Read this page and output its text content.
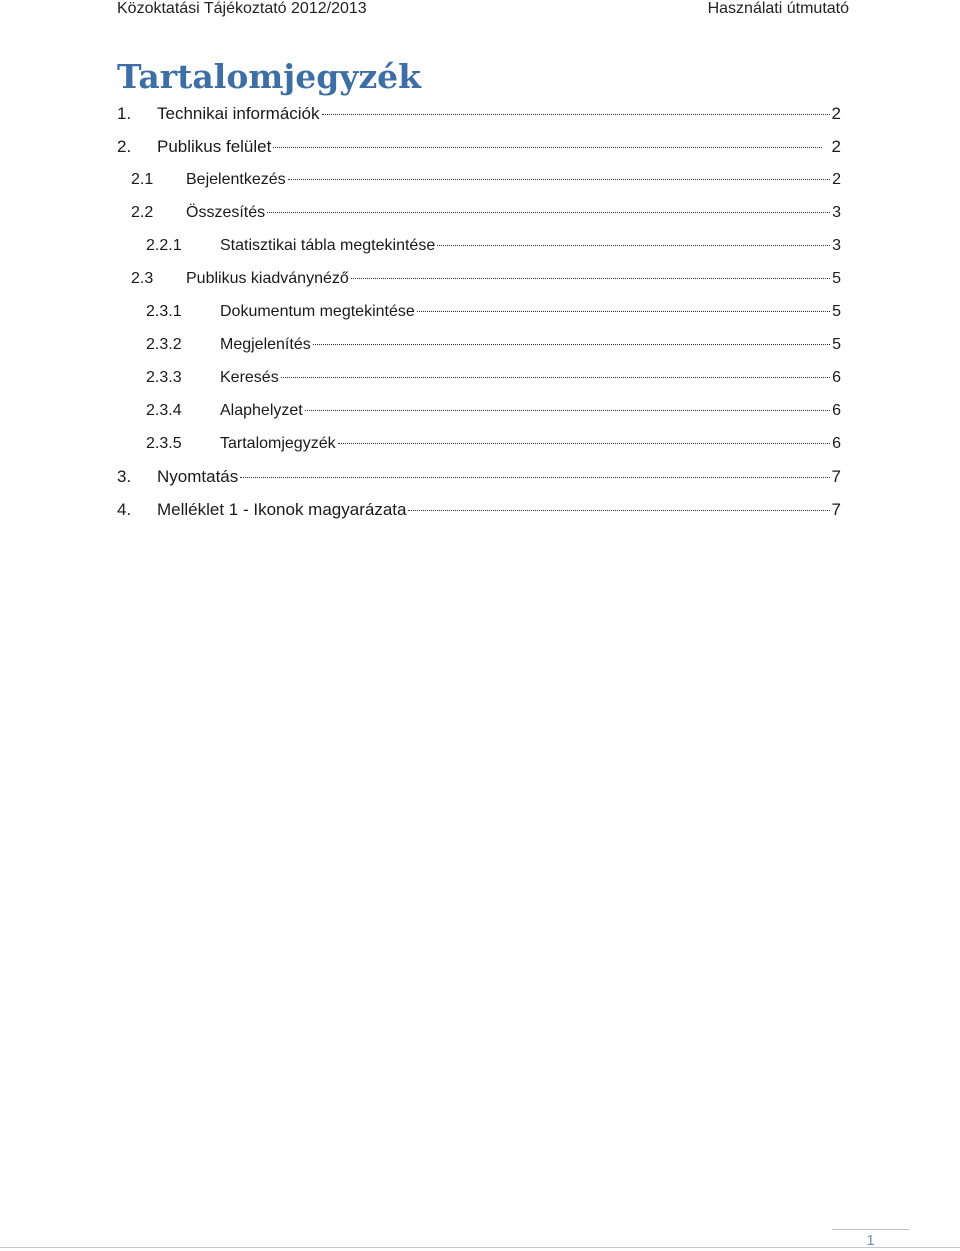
Közoktatási Tájékoztató 2012/2013	Használati útmutató
Tartalomjegyzék
1.	Technikai információk	2
2.	Publikus felület	2
2.1	Bejelentkezés	2
2.2	Összesítés	3
2.2.1	Statisztikai tábla megtekintése	3
2.3	Publikus kiadványnéző	5
2.3.1	Dokumentum megtekintése	5
2.3.2	Megjelenítés	5
2.3.3	Keresés	6
2.3.4	Alaphelyzet	6
2.3.5	Tartalomjegyzék	6
3.	Nyomtatás	7
4.	Melléklet 1 - Ikonok magyarázata	7
1
